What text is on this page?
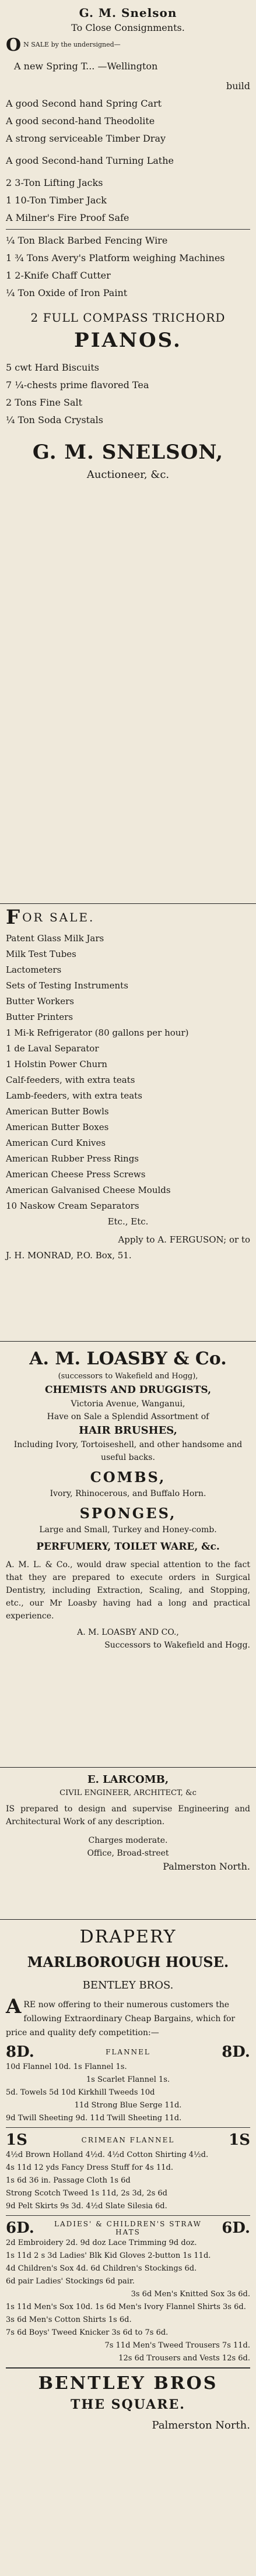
G. M. Snelson
To Close Consignments.
O N SALE by the undersigned—
A new Spring T... —Wellington
build
A good Second hand Spring Cart
A good second-hand Theodolite
A strong serviceable Timber Dray
A good Second-hand Turning Lathe
2 3-Ton Lifting Jacks
1 10-Ton Timber Jack
A Milner's Fire Proof Safe
¼ Ton Black Barbed Fencing Wire
1 ¾ Tons Avery's Platform weighing Machines
1 2-Knife Chaff Cutter
¼ Ton Oxide of Iron Paint
2 FULL COMPASS TRICHORD
PIANOS.
5 cwt Hard Biscuits
7 ¼-chests prime flavored Tea
2 Tons Fine Salt
¼ Ton Soda Crystals
G. M. SNELSON,
Auctioneer, &c.
F OR SALE.
Patent Glass Milk Jars
Milk Test Tubes
Lactometers
Sets of Testing Instruments
Butter Workers
Butter Printers
1 Mi-k Refrigerator (80 gallons per hour)
1 de Laval Separator
1 Holstin Power Churn
Calf-feeders, with extra teats
Lamb-feeders, with extra teats
American Butter Bowls
American Butter Boxes
American Curd Knives
American Rubber Press Rings
American Cheese Press Screws
American Galvanised Cheese Moulds
10 Naskow Cream Separators
Etc., Etc.
Apply to A. FERGUSON; or to
J. H. MONRAD, P.O. Box, 51.
A. M. LOASBY & Co.
(successors to Wakefield and Hogg),
CHEMISTS AND DRUGGISTS,
Victoria Avenue, Wanganui,
Have on Sale a Splendid Assortment of
HAIR BRUSHES,
Including Ivory, Tortoiseshell, and other handsome and useful backs.
COMBS,
Ivory, Rhinocerous, and Buffalo Horn.
SPONGES,
Large and Small, Turkey and Honey-comb.
PERFUMERY, TOILET WARE, &c.
A. M. L. & Co., would draw special attention to the fact that they are prepared to execute orders in Surgical Dentistry, including Extraction, Scaling, and Stopping, etc., our Mr Loasby having had a long and practical experience.
A. M. LOASBY AND CO.,
Successors to Wakefield and Hogg.
E. LARCOMB,
CIVIL ENGINEER, ARCHITECT, &c
IS prepared to design and supervise Engineering and Architectural Work of any description.
Charges moderate.
Office, Broad-street
Palmerston North.
DRAPERY
MARLBOROUGH HOUSE.
BENTLEY BROS.
A RE now offering to their numerous customers the following Extraordinary Cheap Bargains, which for price and quality defy competition:—
8D.	FLANNEL	8D.
10d Flannel 10d. 1s Flannel 1s.
1s Scarlet Flannel 1s.
5d. Towels 5d 10d Kirkhill Tweeds 10d
11d Strong Blue Serge 11d.
9d Twill Sheeting 9d. 11d Twill Sheeting 11d.
1S	CRIMEAN FLANNEL	1S
4½d Brown Holland 4½d. 4½d Cotton Shirting 4½d.
4s 11d 12 yds Fancy Dress Stuff for 4s 11d.
1s 6d 36 in. Passage Cloth 1s 6d
Strong Scotch Tweed 1s 11d, 2s 3d, 2s 6d
9d Pelt Skirts 9s 3d. 4½d Slate Silesia 6d.
6D.	LADIES' & CHILDREN'S STRAW HATS	6D.
2d Embroidery 2d. 9d doz Lace Trimming 9d doz.
1s 11d 2 s 3d Ladies' Blk Kid Gloves 2-button 1s 11d.
4d Children's Sox 4d. 6d Children's Stockings 6d.
6d pair Ladies' Stockings 6d pair.
3s 6d Men's Knitted Sox 3s 6d.
1s 11d Men's Sox 10d. 1s 6d Men's Ivory Flannel Shirts 3s 6d.
3s 6d Men's Cotton Shirts 1s 6d.
7s 6d Boys' Tweed Knicker 3s 6d to 7s 6d.
7s 11d Men's Tweed Trousers 7s 11d.
12s 6d Trousers and Vests 12s 6d.
BENTLEY BROS
THE SQUARE.
Palmerston North.
